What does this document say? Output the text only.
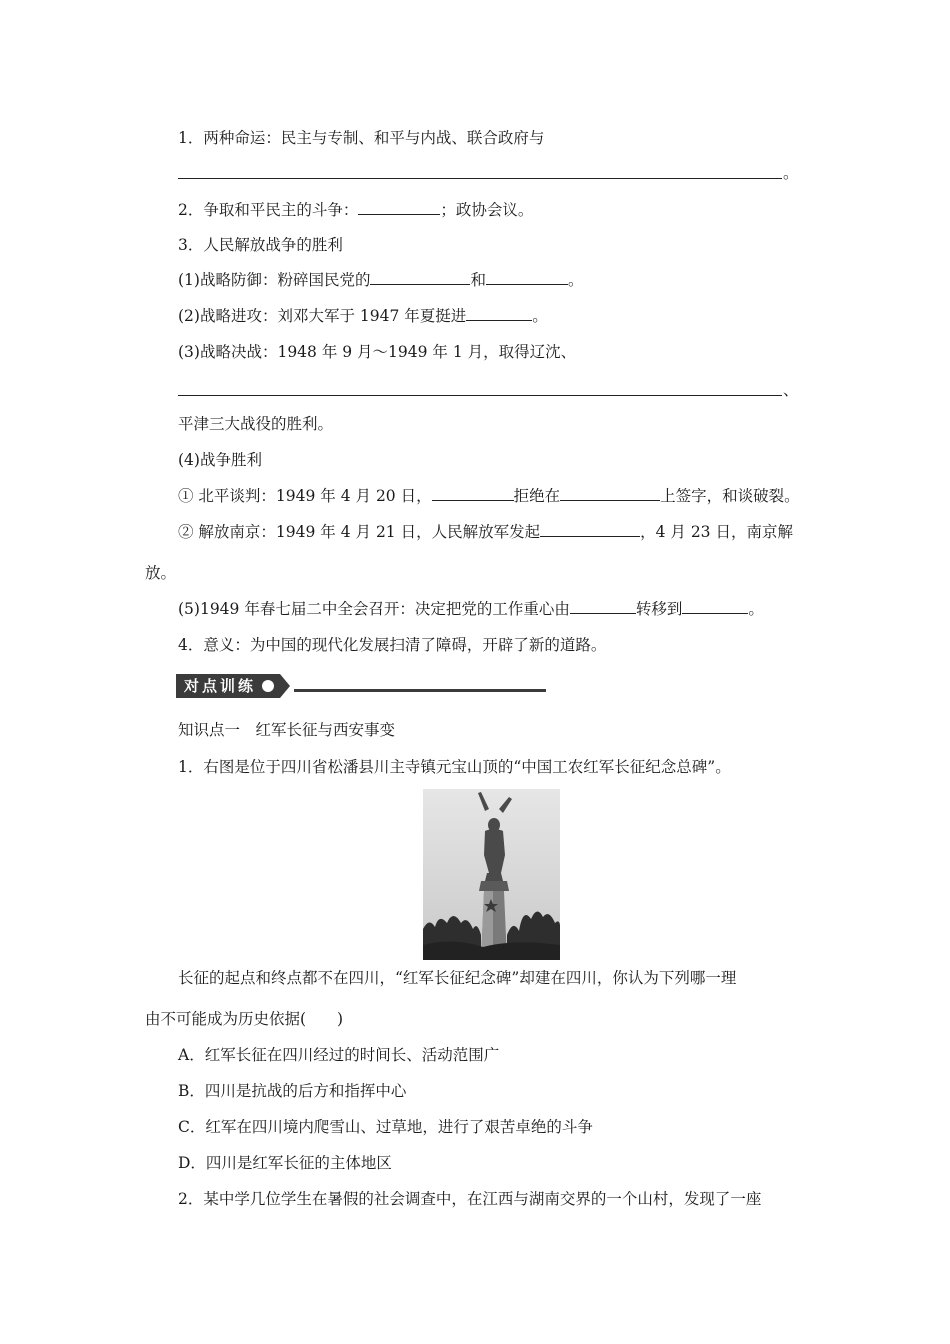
1．两种命运：民主与专制、和平与内战、联合政府与
。
2．争取和平民主的斗争：	；政协会议。
3．人民解放战争的胜利
(1)战略防御：粉碎国民党的	和	。
(2)战略进攻：刘邓大军于 1947 年夏挺进	。
(3)战略决战：1948 年 9 月～1949 年 1 月，取得辽沈、
、
平津三大战役的胜利。
(4)战争胜利
① 北平谈判：1949 年 4 月 20 日，	拒绝在	上签字，和谈破裂。
② 解放南京：1949 年 4 月 21 日，人民解放军发起	，4 月 23 日，南京解
放。
(5)1949 年春七届二中全会召开：决定把党的工作重心由	转移到	。
4．意义：为中国的现代化发展扫清了障碍，开辟了新的道路。
对点训练
知识点一　红军长征与西安事变
1．右图是位于四川省松潘县川主寺镇元宝山顶的“中国工农红军长征纪念总碑”。
长征的起点和终点都不在四川，“红军长征纪念碑”却建在四川，你认为下列哪一理
由不可能成为历史依据(　　)
A．红军长征在四川经过的时间长、活动范围广
B．四川是抗战的后方和指挥中心
C．红军在四川境内爬雪山、过草地，进行了艰苦卓绝的斗争
D．四川是红军长征的主体地区
2．某中学几位学生在暑假的社会调查中，在江西与湖南交界的一个山村，发现了一座
